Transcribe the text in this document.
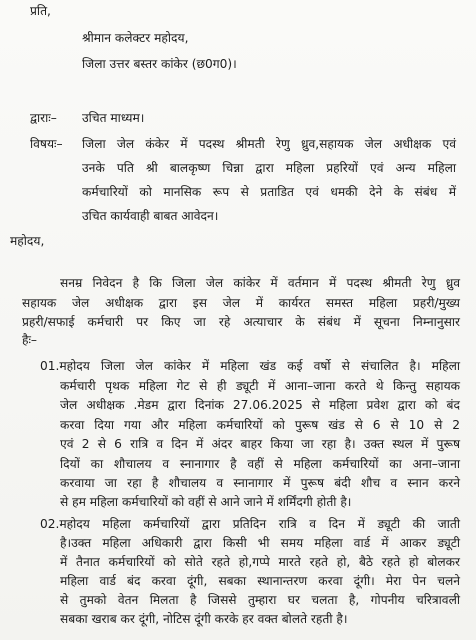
प्रति,
श्रीमान कलेक्टर महोदय,
जिला उत्तर बस्तर कांकेर (छ0ग0)।
द्वाराः– उचित माध्यम।
विषयः– जिला जेल कंकेर में पदस्थ श्रीमती रेणु ध्रुव,सहायक जेल अधीक्षक एवं
उनके पति श्री बालकृष्ण चिन्ना द्वारा महिला प्रहरियों एवं अन्य महिला
कर्मचारियों को मानसिक रूप से प्रताडित एवं धमकी देने के संबंध में
उचित कार्यवाही बाबत आवेदन।
महोदय,
सनम्र निवेदन है कि जिला जेल कांकेर में वर्तमान में पदस्थ श्रीमती रेणु ध्रुव
सहायक जेल अधीक्षक द्वारा इस जेल में कार्यरत समस्त महिला प्रहरी/मुख्य
प्रहरी/सफाई कर्मचारी पर किए जा रहे अत्याचार के संबंध में सूचना निम्नानुसार
हैः–
01.महोदय जिला जेल कांकेर में महिला खंड कई वर्षो से संचालित है। महिला
कर्मचारी पृथक महिला गेट से ही ड्यूटी में आना–जाना करते थे किन्तु सहायक
जेल अधीक्षक .मेडम द्वारा दिनांक 27.06.2025 से महिला प्रवेश द्वारा को बंद
करवा दिया गया और महिला कर्मचारियों को पुरूष खंड से 6 से 10 से 2
एवं 2 से 6 रात्रि व दिन में अंदर बाहर किया जा रहा है। उक्त स्थल में पुरूष
दियों का शौचालय व स्नानागार है वहीं से महिला कर्मचारियों का अना–जाना
करवाया जा रहा है शौचालय व स्नानागार में पुरूष बंदी शौच व स्नान करने
से हम महिला कर्मचारियों को वहीं से आने जाने में शर्मिंदगी होती है।
02.महोदय महिला कर्मचारियों द्वारा प्रतिदिन रात्रि व दिन में ड्यूटी की जाती
है।उक्त महिला अधिकारी द्वारा किसी भी समय महिला वार्ड में आकर ड्यूटी
में तैनात कर्मचारियों को सोते रहते हो,गप्पे मारते रहते हो, बैठे रहते हो बोलकर
महिला वार्ड बंद करवा दूंगी, सबका स्थानान्तरण करवा दूंगी। मेरा पेन चलने
से तुमको वेतन मिलता है जिससे तुम्हारा घर चलता है, गोपनीय चरित्रावली
सबका खराब कर दूंगी, नोटिस दूंगी करके हर वक्त बोलते रहती है।
